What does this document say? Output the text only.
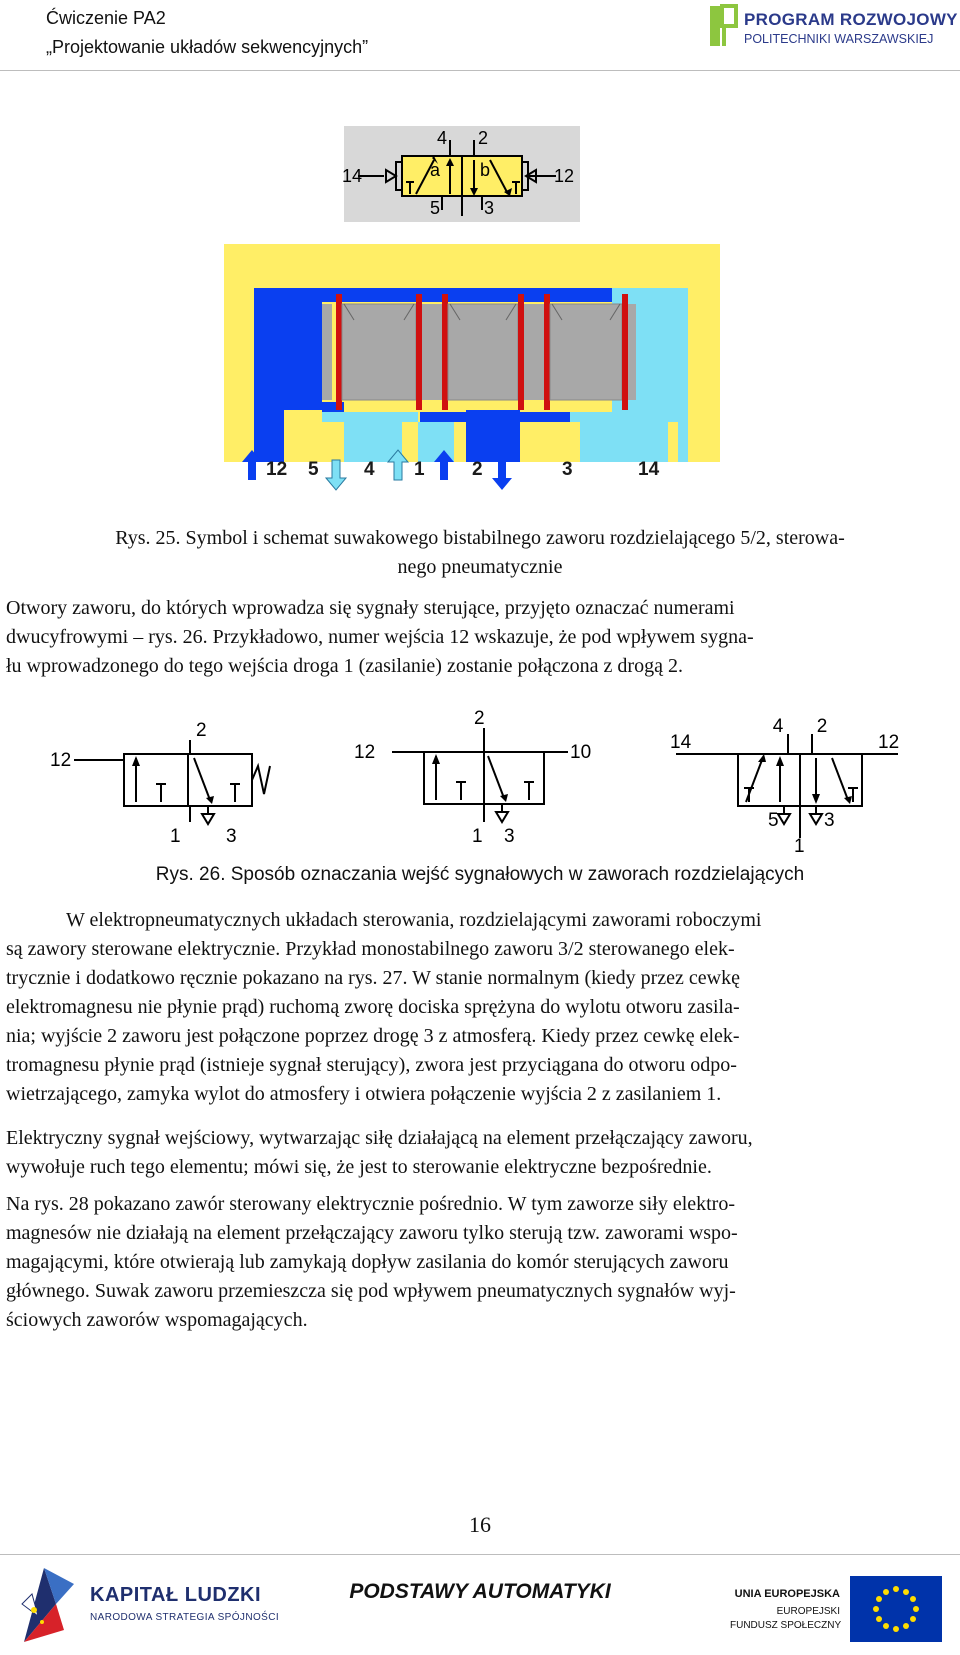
Ćwiczenie PA2
„Projektowanie układów sekwencyjnych”
PROGRAM ROZWOJOWY
POLITECHNIKI WARSZAWSKIEJ
14	12
4 2
5 3
a b
12 5 4 1 2	3	14
Rys. 25. Symbol i schemat suwakowego bistabilnego zaworu rozdzielającego 5/2, sterowa-
nego pneumatycznie
Otwory zaworu, do których wprowadza się sygnały sterujące, przyjęto oznaczać numerami
dwucyfrowymi – rys. 26. Przykładowo, numer wejścia 12 wskazuje, że pod wpływem sygna-
łu wprowadzonego do tego wejścia droga 1 (zasilanie) zostanie połączona z drogą 2.
12
2
1 3
12
2
10
1 3
14
4 2
12
5 3
1
Rys. 26. Sposób oznaczania wejść sygnałowych w zaworach rozdzielających
W elektropneumatycznych układach sterowania, rozdzielającymi zaworami roboczymi
są zawory sterowane elektrycznie. Przykład monostabilnego zaworu 3/2 sterowanego elek-
trycznie i dodatkowo ręcznie pokazano na rys. 27. W stanie normalnym (kiedy przez cewkę
elektromagnesu nie płynie prąd) ruchomą zworę dociska sprężyna do wylotu otworu zasila-
nia; wyjście 2 zaworu jest połączone poprzez drogę 3 z atmosferą. Kiedy przez cewkę elek-
tromagnesu płynie prąd (istnieje sygnał sterujący), zwora jest przyciągana do otworu odpo-
wietrzającego, zamyka wylot do atmosfery i otwiera połączenie wyjścia 2 z zasilaniem 1.
Elektryczny sygnał wejściowy, wytwarzając siłę działającą na element przełączający zaworu,
wywołuje ruch tego elementu; mówi się, że jest to sterowanie elektryczne bezpośrednie.
Na rys. 28 pokazano zawór sterowany elektrycznie pośrednio. W tym zaworze siły elektro-
magnesów nie działają na element przełączający zaworu tylko sterują tzw. zaworami wspo-
magającymi, które otwierają lub zamykają dopływ zasilania do komór sterujących zaworu
głównego. Suwak zaworu przemieszcza się pod wpływem pneumatycznych sygnałów wyj-
ściowych zaworów wspomagających.
16
KAPITAŁ LUDZKI
NARODOWA STRATEGIA SPÓJNOŚCI
PODSTAWY AUTOMATYKI	UNIA EUROPEJSKA
EUROPEJSKI
FUNDUSZ SPOŁECZNY
